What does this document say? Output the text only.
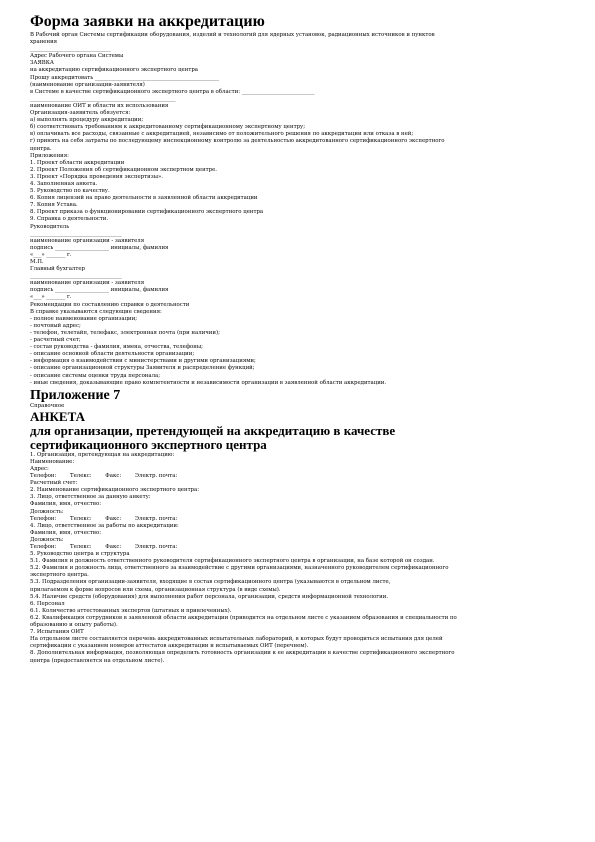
Форма заявки на аккредитацию
В Рабочий орган Системы сертификации оборудования, изделий и технологий для ядерных установок, радиационных источников и пунктов
хранения
______________________________
Адрес Рабочего органа Системы
ЗАЯВКА
на аккредитацию сертификационного экспертного центра
Прошу аккредитовать ______________________________________________
(наименование организации-заявителя)
в Системе в качестве сертификационного экспертного центра в области: ___________________________
______________________________________________________
наименование ОИТ и области их использования
Организация-заявитель обязуется:
а) выполнять процедуру аккредитации;
б) соответствовать требованиям к аккредитованному сертификационному экспертному центру;
в) оплачивать все расходы, связанные с аккредитацией, независимо от положительного решения по аккредитации или отказа в ней;
г) принять на себя затраты по последующему инспекционному контролю за деятельностью аккредитованного сертификационного экспертного
центра.
Приложения:
1. Проект области аккредитации
2. Проект Положения об сертификационном экспертном центре.
3. Проект «Порядка проведения экспертизы».
4. Заполненная анкета.
5. Руководство по качеству.
6. Копия лицензий на право деятельности в заявленной области аккредитации
7. Копия Устава.
8. Проект приказа о функционировании сертификационного экспертного центра
9. Справка о деятельности.
Руководитель
__________________________________
наименование организации - заявителя
подпись ____________________ инициалы, фамилия
«___» _______ г.
М.П.
Главный бухгалтер
__________________________________
наименование организации - заявителя
подпись ____________________ инициалы, фамилия
«___» _______ г.
Рекомендации по составлению справки о деятельности
В справке указываются следующие сведения:
- полное наименование организации;
- почтовый адрес;
- телефон, телетайп, телефакс, электронная почта (при наличии);
- расчетный счет;
- состав руководства - фамилия, имена, отчества, телефоны;
- описание основной области деятельности организации;
- информация о взаимодействии с министерствами и другими организациями;
- описание организационной структуры Заявителя и распределение функций;
- описание системы оценки труда персонала;
- иные сведения, доказывающие право компетентности и независимости организации в заявленной области аккредитации.
Приложение 7
Справочное
АНКЕТА
для организации, претендующей на аккредитацию в качестве
сертификационного экспертного центра
1. Организация, претендующая на аккредитацию:
Наименование:
Адрес:
Телефон:        Телекс:        Факс:        Электр. почта:
Расчетный счет:
2. Наименование сертификационного экспертного центра:
3. Лицо, ответственное за данную анкету:
Фамилия, имя, отчество:
Должность:
Телефон:        Телекс:        Факс:        Электр. почта:
4. Лицо, ответственное за работы по аккредитации:
Фамилия, имя, отчество:
Должность:
Телефон:        Телекс:        Факс:        Электр. почта:
5. Руководство центра и структура
5.1. Фамилия и должность ответственного руководителя сертификационного экспертного центра в организации, на базе которой он создан.
5.2. Фамилия и должность лица, ответственного за взаимодействие с другими организациями, назначенного руководителем сертификационного
экспертного центра.
5.3. Подразделения организации-заявителя, входящие в состав сертификационного центра (указываются в отдельном листе,
прилагаемом к форме вопросов или схема, организационная структура (в виде схемы).
5.4. Наличие средств (оборудования) для выполнения работ персонала, организации, средств информационной технологии.
6. Персонал
6.1. Количество аттестованных экспертов (штатных и привлеченных).
6.2. Квалификация сотрудников в заявленной области аккредитации (приводится на отдельном листе с указанием образования и специальности по
образованию и опыту работы).
7. Испытания ОИТ
На отдельном листе составляется перечень аккредитованных испытательных лабораторий, в которых будут проводиться испытания для целей
сертификации с указанием номеров аттестатов аккредитации и испытываемых ОИТ (перечнем).
8. Дополнительная информация, позволяющая определить готовность организации к ее аккредитации в качестве сертификационного экспертного
центра (предоставляется на отдельном листе).
